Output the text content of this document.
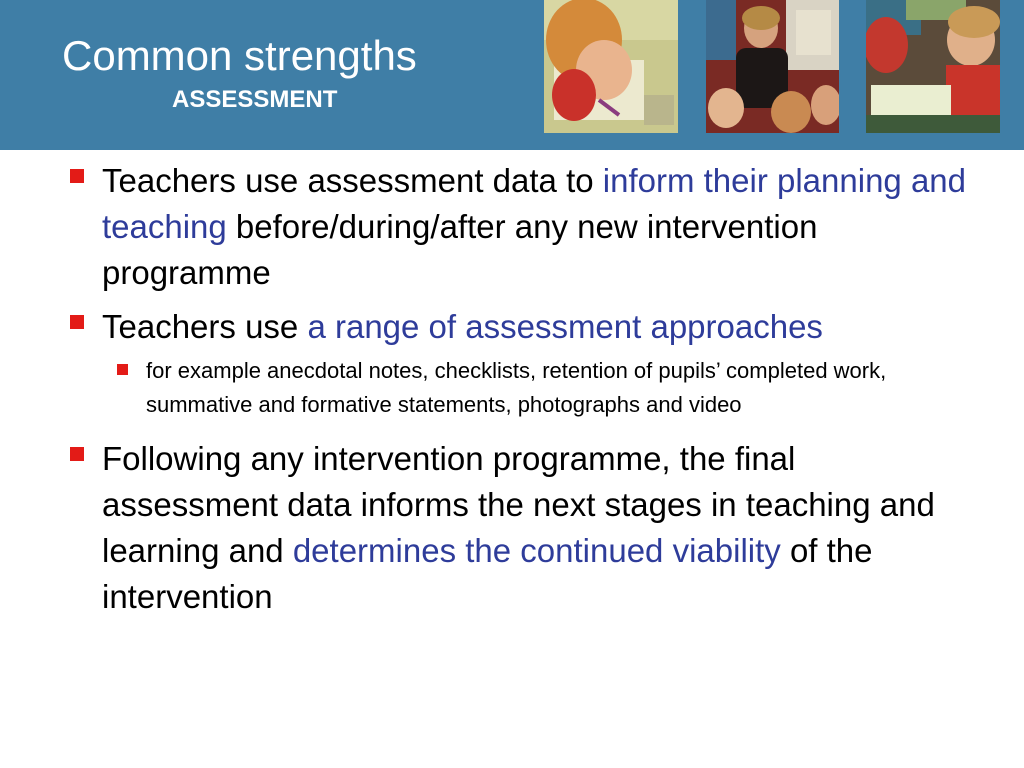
Common strengths
ASSESSMENT
Teachers use assessment data to inform their planning and teaching before/during/after any new intervention programme
Teachers use a range of assessment approaches
for example anecdotal notes, checklists, retention of pupils’ completed work, summative and formative statements, photographs and video
Following any intervention programme, the final assessment data informs the next stages in teaching and learning and determines the continued viability of the intervention
